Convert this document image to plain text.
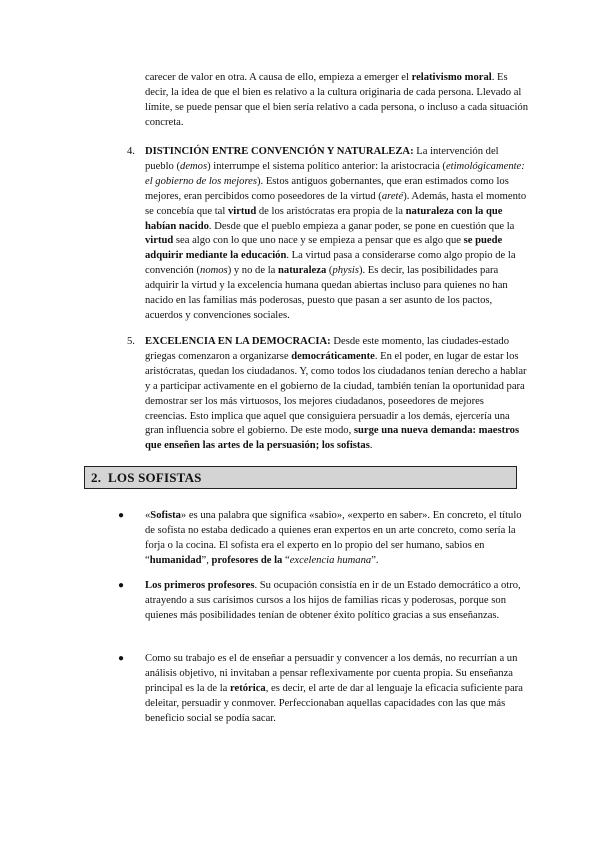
carecer de valor en otra. A causa de ello, empieza a emerger el relativismo moral. Es decir, la idea de que el bien es relativo a la cultura originaria de cada persona. Llevado al límite, se puede pensar que el bien sería relativo a cada persona, o incluso a cada situación concreta.
4. DISTINCIÓN ENTRE CONVENCIÓN Y NATURALEZA: La intervención del pueblo (demos) interrumpe el sistema político anterior: la aristocracia (etimológicamente: el gobierno de los mejores). Estos antiguos gobernantes, que eran estimados como los mejores, eran percibidos como poseedores de la virtud (areté). Además, hasta el momento se concebía que tal virtud de los aristócratas era propia de la naturaleza con la que habían nacido. Desde que el pueblo empieza a ganar poder, se pone en cuestión que la virtud sea algo con lo que uno nace y se empieza a pensar que es algo que se puede adquirir mediante la educación. La virtud pasa a considerarse como algo propio de la convención (nomos) y no de la naturaleza (physis). Es decir, las posibilidades para adquirir la virtud y la excelencia humana quedan abiertas incluso para quienes no han nacido en las familias más poderosas, puesto que pasan a ser asunto de los pactos, acuerdos y convenciones sociales.
5. EXCELENCIA EN LA DEMOCRACIA: Desde este momento, las ciudades-estado griegas comenzaron a organizarse democráticamente. En el poder, en lugar de estar los aristócratas, quedan los ciudadanos. Y, como todos los ciudadanos tenían derecho a hablar y a participar activamente en el gobierno de la ciudad, también tenían la oportunidad para demostrar ser los más virtuosos, los mejores ciudadanos, poseedores de mejores creencias. Esto implica que aquel que consiguiera persuadir a los demás, ejercería una gran influencia sobre el gobierno. De este modo, surge una nueva demanda: maestros que enseñen las artes de la persuasión; los sofistas.
2.  LOS SOFISTAS
● «Sofista» es una palabra que significa «sabio», «experto en saber». En concreto, el título de sofista no estaba dedicado a quienes eran expertos en un arte concreto, como sería la forja o la cocina. El sofista era el experto en lo propio del ser humano, sabios en “humanidad”, profesores de la “excelencia humana”.
● Los primeros profesores. Su ocupación consistía en ir de un Estado democrático a otro, atrayendo a sus carísimos cursos a los hijos de familias ricas y poderosas, porque son quienes más posibilidades tenían de obtener éxito político gracias a sus enseñanzas.
● Como su trabajo es el de enseñar a persuadir y convencer a los demás, no recurrían a un análisis objetivo, ni invitaban a pensar reflexivamente por cuenta propia. Su enseñanza principal es la de la retórica, es decir, el arte de dar al lenguaje la eficacia suficiente para deleitar, persuadir y conmover. Perfeccionaban aquellas capacidades con las que más beneficio social se podía sacar.
